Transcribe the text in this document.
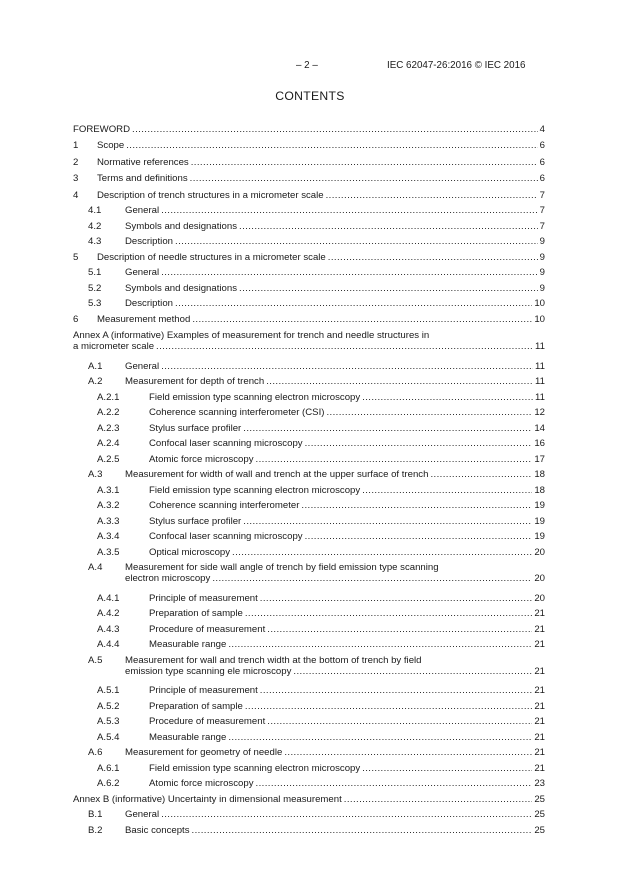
– 2 –	IEC 62047-26:2016 © IEC 2016
CONTENTS
FOREWORD .....	4
1 Scope .....	6
2 Normative references .....	6
3 Terms and definitions .....	6
4 Description of trench structures in a micrometer scale .....	7
4.1 General .....	7
4.2 Symbols and designations .....	7
4.3 Description .....	9
5 Description of needle structures in a micrometer scale .....	9
5.1 General .....	9
5.2 Symbols and designations .....	9
5.3 Description .....	10
6 Measurement method .....	10
Annex A (informative) Examples of measurement for trench and needle structures in
a micrometer scale .....	11
A.1 General .....	11
A.2 Measurement for depth of trench .....	11
A.2.1	Field emission type scanning electron microscopy .....	11
A.2.2	Coherence scanning interferometer (CSI) .....	12
A.2.3	Stylus surface profiler .....	14
A.2.4	Confocal laser scanning microscopy .....	16
A.2.5	Atomic force microscopy .....	17
A.3 Measurement for width of wall and trench at the upper surface of trench .....	18
A.3.1	Field emission type scanning electron microscopy .....	18
A.3.2	Coherence scanning interferometer .....	19
A.3.3	Stylus surface profiler .....	19
A.3.4	Confocal laser scanning microscopy .....	19
A.3.5	Optical microscopy .....	20
A.4 Measurement for side wall angle of trench by field emission type scanning
electron microscopy .....	20
A.4.1	Principle of measurement .....	20
A.4.2	Preparation of sample .....	21
A.4.3	Procedure of measurement .....	21
A.4.4	Measurable range .....	21
A.5 Measurement for wall and trench width at the bottom of trench by field
emission type scanning ele microscopy .....	21
A.5.1	Principle of measurement .....	21
A.5.2	Preparation of sample .....	21
A.5.3	Procedure of measurement .....	21
A.5.4	Measurable range .....	21
A.6 Measurement for geometry of needle .....	21
A.6.1	Field emission type scanning electron microscopy .....	21
A.6.2	Atomic force microscopy .....	23
Annex B (informative) Uncertainty in dimensional measurement .....	25
B.1 General .....	25
B.2 Basic concepts .....	25
